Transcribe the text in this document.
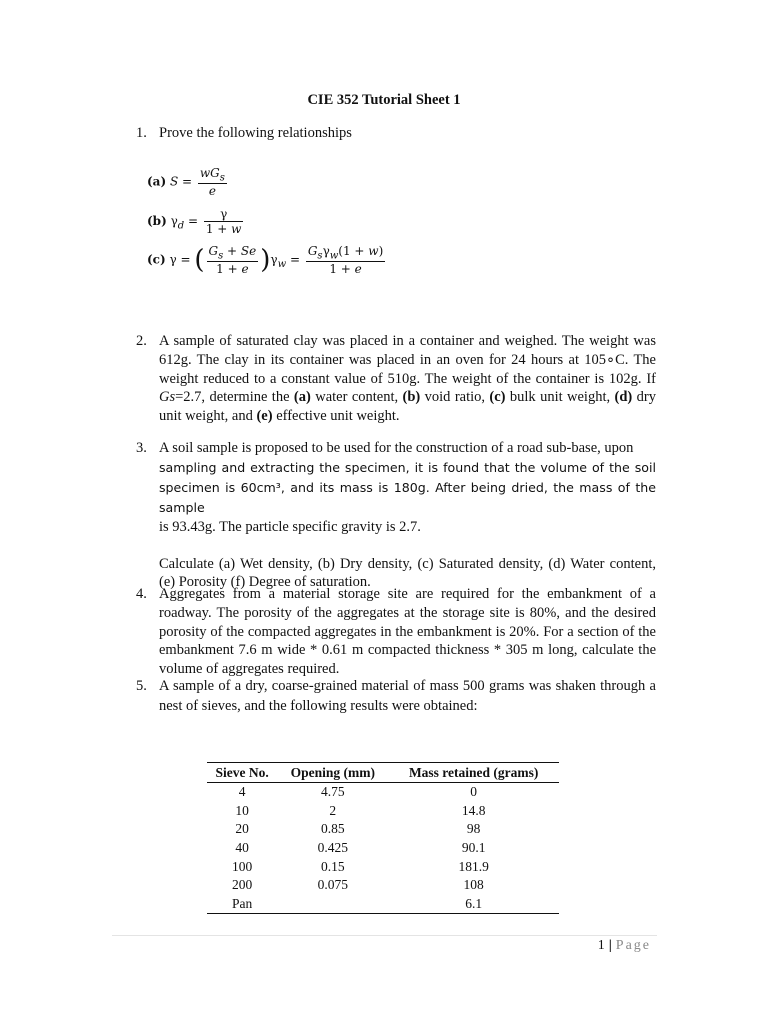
CIE 352 Tutorial Sheet 1
1. Prove the following relationships
(a) $S = \frac{wG_s}{e}$
(b) $\gamma_d = \frac{\gamma}{1 + w}$
(c) γ = ( $\frac{G_s + Se}{1 + e} )\gamma_w = \frac{G_s\gamma_w(1 + w)}{1 + e}$
2. A sample of saturated clay was placed in a container and weighed. The weight was 612g. The clay in its container was placed in an oven for 24 hours at 105∘C. The weight reduced to a constant value of 510g. The weight of the container is 102g. If Gs=2.7, determine the (a) water content, (b) void ratio, (c) bulk unit weight, (d) dry unit weight, and (e) effective unit weight.
3. A soil sample is proposed to be used for the construction of a road sub-base, upon
sampling and extracting the specimen, it is found that the volume of the soil specimen is 60cm³, and its mass is 180g. After being dried, the mass of the sample
is 93.43g. The particle specific gravity is 2.7.
Calculate (a) Wet density, (b) Dry density, (c) Saturated density, (d) Water content, (e) Porosity (f) Degree of saturation.
4. Aggregates from a material storage site are required for the embankment of a roadway. The porosity of the aggregates at the storage site is 80%, and the desired porosity of the compacted aggregates in the embankment is 20%. For a section of the embankment 7.6 m wide * 0.61 m compacted thickness * 305 m long, calculate the volume of aggregates required.
5. A sample of a dry, coarse-grained material of mass 500 grams was shaken through a nest of sieves, and the following results were obtained:
Sieve No.	Opening (mm)	Mass retained (grams)
4	4.75	0
10	2	14.8
20	0.85	98
40	0.425	90.1
100	0.15	181.9
200	0.075	108
Pan		6.1
1 | Page
